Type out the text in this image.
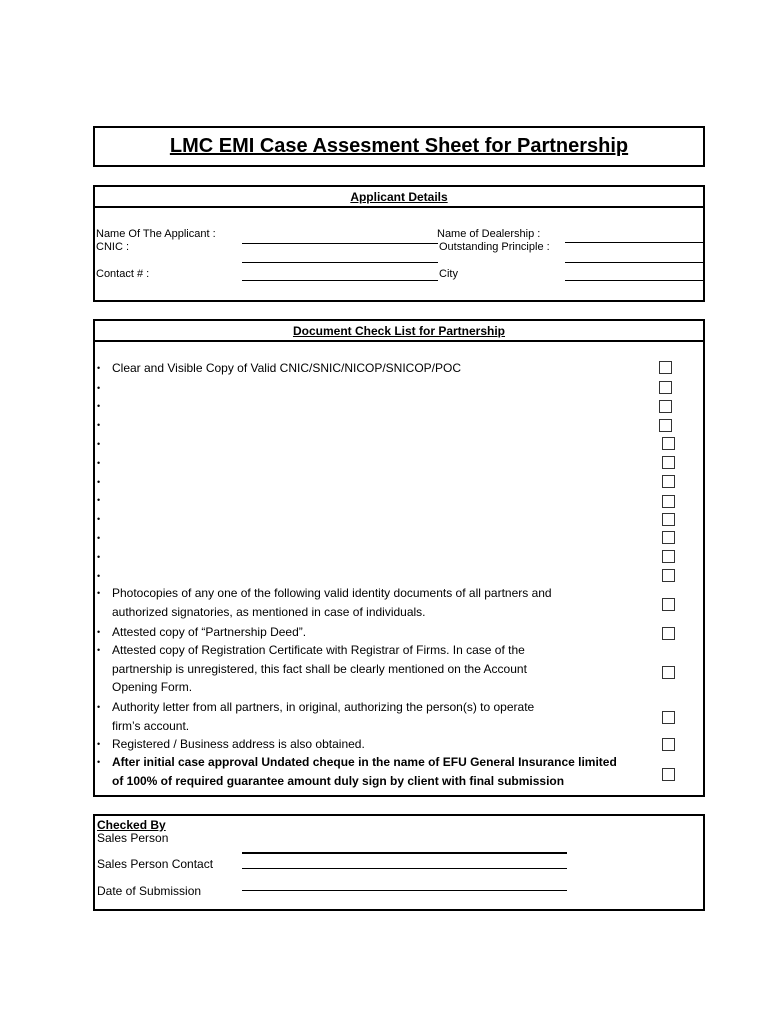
LMC EMI Case Assesment Sheet for Partnership
Applicant Details
Name Of The Applicant :
CNIC :
Contact # :
Name of Dealership :
Outstanding Principle :
City
Document Check List for Partnership
• Clear and Visible Copy of Valid CNIC/SNIC/NICOP/SNICOP/POC
•
•
•
•
•
•
•
•
•
•
•
• Photocopies of any one of the following valid identity documents of all partners and
authorized signatories, as mentioned in case of individuals.
• Attested copy of “Partnership Deed”.
• Attested copy of Registration Certificate with Registrar of Firms. In case of the
partnership is unregistered, this fact shall be clearly mentioned on the Account
Opening Form.
• Authority letter from all partners, in original, authorizing the person(s) to operate
firm’s account.
• Registered / Business address is also obtained.
• After initial case approval Undated cheque in the name of EFU General Insurance limited
of 100% of required guarantee amount duly sign by client with final submission
Checked By
Sales Person
Sales Person Contact
Date of Submission
